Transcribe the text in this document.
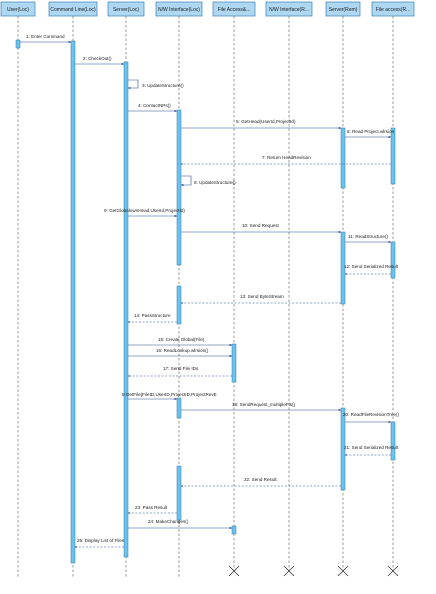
User(Loc)	Command Line(Loc)	Server(Loc)	N/W Interface(Loc)	File Access&...	N/W Interface(R...	Server(Rem)	File access(R...
1: Enter Command
2: CheckOut()
3: UpdateStructure()
4: ContactNPs()
5: GetHead(UserId,ProjectId)
6: Read Project.wlrsion
7: Return HeadRevision
8: UpdateStructure()
9: GetGlobalownHead,UserId,ProjectId)
10: Send Request
11: ReadStructure()
12: Send Serialized Result
13: Send ByteStream
14: PassStructure
15: Create Global(File)
16: ReadLookup.wlrsion()
17: Send File IDs
9:GetFile(FileID,UserID,ProjectID,ProjectRevE
18: SendRequest_multipleFls()
20: ReadFileRevisionTree()
21: Send Serialized Result
22: Send Result
23: Pass Result
24: MakeChanges()
25: Display List of Files
